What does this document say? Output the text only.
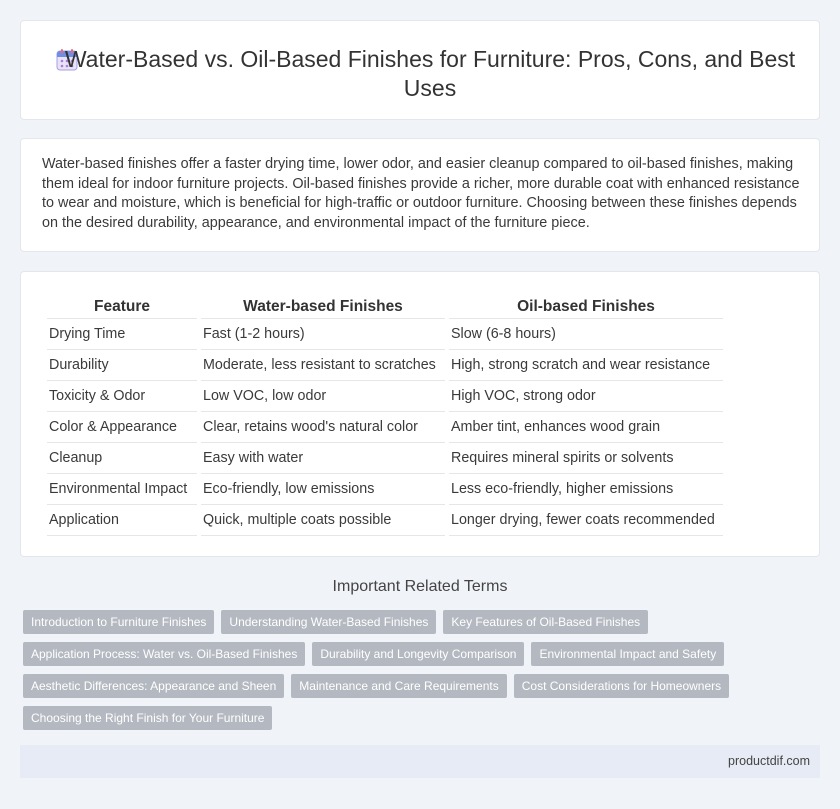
Water-Based vs. Oil-Based Finishes for Furniture: Pros, Cons, and Best Uses

Water-based finishes offer a faster drying time, lower odor, and easier cleanup compared to oil-based finishes, making them ideal for indoor furniture projects. Oil-based finishes provide a richer, more durable coat with enhanced resistance to wear and moisture, which is beneficial for high-traffic or outdoor furniture. Choosing between these finishes depends on the desired durability, appearance, and environmental impact of the furniture piece.

Feature	Water-based Finishes	Oil-based Finishes
Drying Time	Fast (1-2 hours)	Slow (6-8 hours)
Durability	Moderate, less resistant to scratches	High, strong scratch and wear resistance
Toxicity & Odor	Low VOC, low odor	High VOC, strong odor
Color & Appearance	Clear, retains wood's natural color	Amber tint, enhances wood grain
Cleanup	Easy with water	Requires mineral spirits or solvents
Environmental Impact	Eco-friendly, low emissions	Less eco-friendly, higher emissions
Application	Quick, multiple coats possible	Longer drying, fewer coats recommended
Important Related Terms
Introduction to Furniture Finishes	Understanding Water-Based Finishes	Key Features of Oil-Based Finishes
Application Process: Water vs. Oil-Based Finishes	Durability and Longevity Comparison	Environmental Impact and Safety
Aesthetic Differences: Appearance and Sheen	Maintenance and Care Requirements	Cost Considerations for Homeowners
Choosing the Right Finish for Your Furniture
productdif.com
